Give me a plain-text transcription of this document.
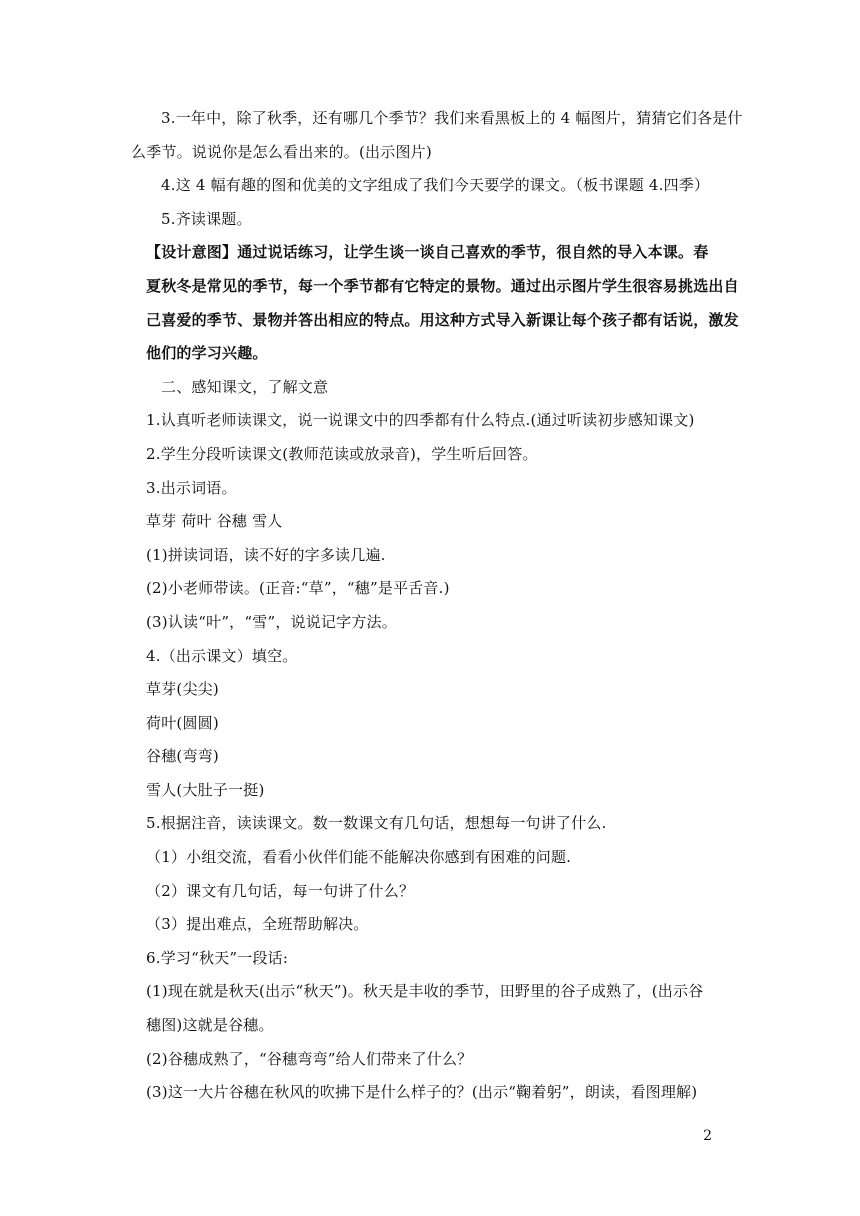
3.一年中，除了秋季，还有哪几个季节？我们来看黑板上的 4 幅图片，猜猜它们各是什
么季节。说说你是怎么看出来的。(出示图片)
4.这 4 幅有趣的图和优美的文字组成了我们今天要学的课文。（板书课题 4.四季）
5.齐读课题。
【设计意图】通过说话练习，让学生谈一谈自己喜欢的季节，很自然的导入本课。春
夏秋冬是常见的季节，每一个季节都有它特定的景物。通过出示图片学生很容易挑选出自
己喜爱的季节、景物并答出相应的特点。用这种方式导入新课让每个孩子都有话说，激发
他们的学习兴趣。
二、感知课文，了解文意
1.认真听老师读课文，说一说课文中的四季都有什么特点.(通过听读初步感知课文)
2.学生分段听读课文(教师范读或放录音)，学生听后回答。
3.出示词语。
草芽 荷叶 谷穗 雪人
(1)拼读词语，读不好的字多读几遍.
(2)小老师带读。(正音:“草”，“穗”是平舌音.)
(3)认读“叶”，“雪”，说说记字方法。
4.（出示课文）填空。
草芽(尖尖)
荷叶(圆圆)
谷穗(弯弯)
雪人(大肚子一挺)
5.根据注音，读读课文。数一数课文有几句话，想想每一句讲了什么.
（1）小组交流，看看小伙伴们能不能解决你感到有困难的问题.
（2）课文有几句话，每一句讲了什么？
（3）提出难点，全班帮助解决。
6.学习“秋天”一段话:
(1)现在就是秋天(出示“秋天”)。秋天是丰收的季节，田野里的谷子成熟了，(出示谷
穗图)这就是谷穗。
(2)谷穗成熟了，“谷穗弯弯”给人们带来了什么？
(3)这一大片谷穗在秋风的吹拂下是什么样子的？(出示“鞠着躬”，朗读，看图理解)
2
